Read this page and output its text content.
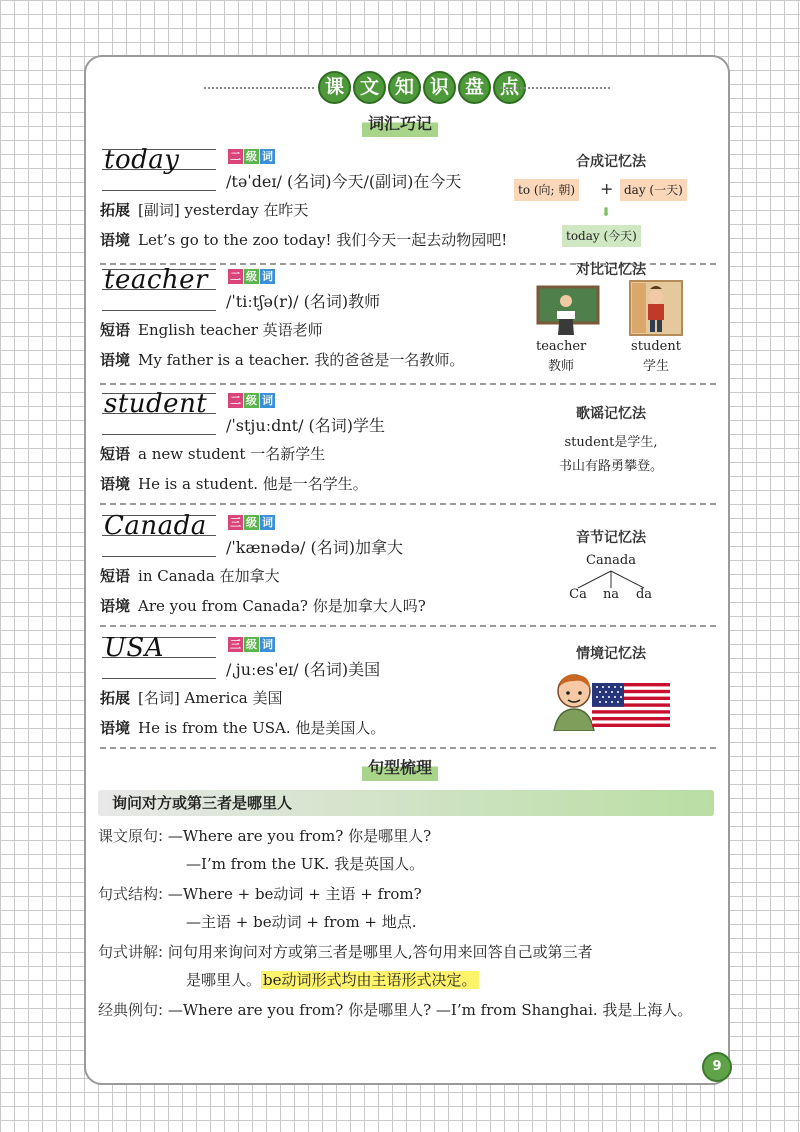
课 文 知 识 盘 点
词汇巧记
today	二 级 词
/təˈdeɪ/ (名词)今天/(副词)在今天
拓展 [副词] yesterday 在昨天
语境 Let’s go to the zoo today! 我们今天一起去动物园吧!
合成记忆法
to (向; 朝) + day (一天)
⬇
today (今天)
teacher 二 级 词
/ˈtiːtʃə(r)/ (名词)教师
短语 English teacher 英语老师
语境 My father is a teacher. 我的爸爸是一名教师。
对比记忆法
teacher
教师
student
学生
student 二 级 词
/ˈstjuːdnt/ (名词)学生
短语 a new student 一名新学生
语境 He is a student. 他是一名学生。
歌谣记忆法
student是学生,
书山有路勇攀登。
Canada 三 级 词
/ˈkænədə/ (名词)加拿大
短语 in Canada 在加拿大
语境 Are you from Canada? 你是加拿大人吗?
音节记忆法
Canada
Ca	na	da
USA	三 级 词
/ˌjuːesˈeɪ/ (名词)美国
拓展 [名词] America 美国
语境 He is from the USA. 他是美国人。
情境记忆法
句型梳理
询问对方或第三者是哪里人
课文原句: —Where are you from? 你是哪里人?
—I’m from the UK. 我是英国人。
句式结构: —Where + be动词 + 主语 + from?
—主语 + be动词 + from + 地点.
句式讲解: 问句用来询问对方或第三者是哪里人,答句用来回答自己或第三者
是哪里人。 be动词形式均由主语形式决定。
经典例句: —Where are you from? 你是哪里人? —I’m from Shanghai. 我是上海人。
9
